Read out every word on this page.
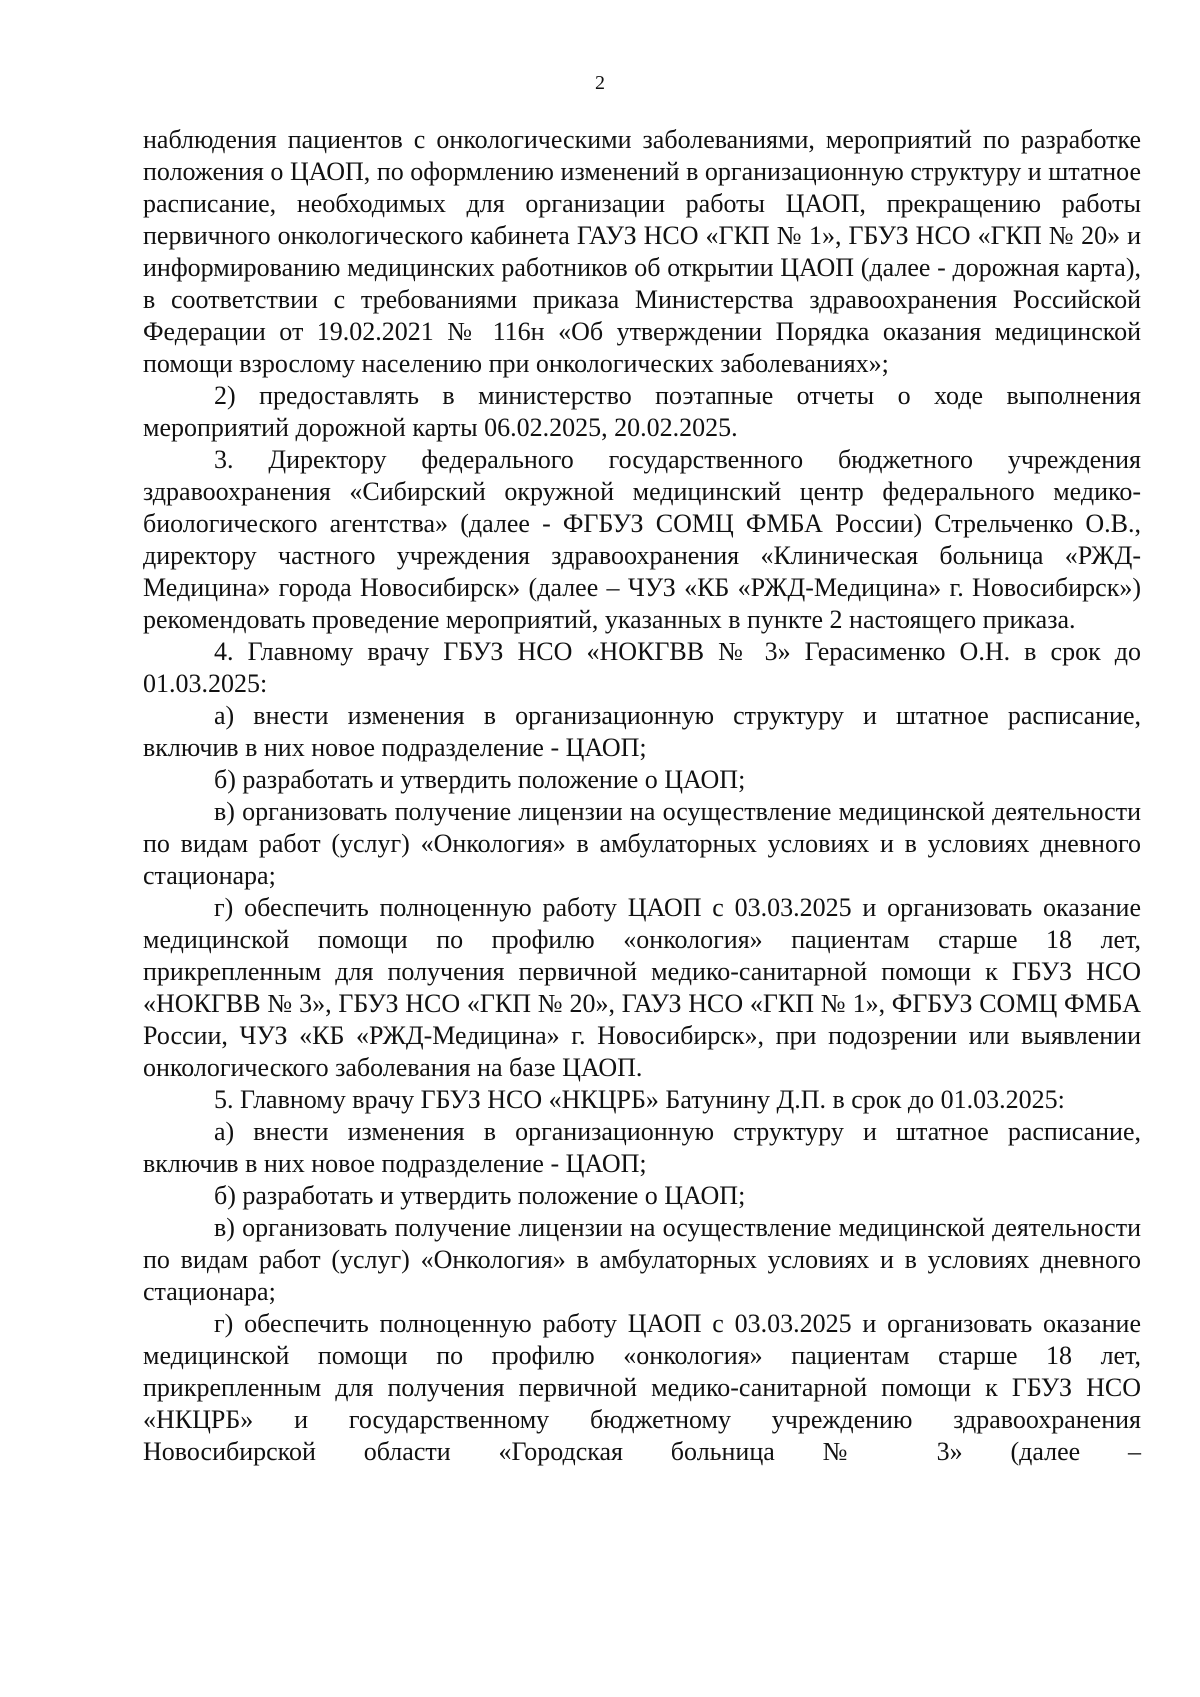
2

наблюдения пациентов с онкологическими заболеваниями, мероприятий по разработке положения о ЦАОП, по оформлению изменений в организационную структуру и штатное расписание, необходимых для организации работы ЦАОП, прекращению работы первичного онкологического кабинета ГАУЗ НСО «ГКП № 1», ГБУЗ НСО «ГКП № 20» и информированию медицинских работников об открытии ЦАОП (далее - дорожная карта), в соответствии с требованиями приказа Министерства здравоохранения Российской Федерации от 19.02.2021 № 116н «Об утверждении Порядка оказания медицинской помощи взрослому населению при онкологических заболеваниях»;

2) предоставлять в министерство поэтапные отчеты о ходе выполнения мероприятий дорожной карты 06.02.2025, 20.02.2025.

3. Директору федерального государственного бюджетного учреждения здравоохранения «Сибирский окружной медицинский центр федерального медико-биологического агентства» (далее - ФГБУЗ СОМЦ ФМБА России) Стрельченко О.В., директору частного учреждения здравоохранения «Клиническая больница «РЖД-Медицина» города Новосибирск» (далее – ЧУЗ «КБ «РЖД-Медицина» г. Новосибирск») рекомендовать проведение мероприятий, указанных в пункте 2 настоящего приказа.

4. Главному врачу ГБУЗ НСО «НОКГВВ № 3» Герасименко О.Н. в срок до 01.03.2025:

а) внести изменения в организационную структуру и штатное расписание, включив в них новое подразделение - ЦАОП;

б) разработать и утвердить положение о ЦАОП;

в) организовать получение лицензии на осуществление медицинской деятельности по видам работ (услуг) «Онкология» в амбулаторных условиях и в условиях дневного стационара;

г) обеспечить полноценную работу ЦАОП с 03.03.2025 и организовать оказание медицинской помощи по профилю «онкология» пациентам старше 18 лет, прикрепленным для получения первичной медико-санитарной помощи к ГБУЗ НСО «НОКГВВ № 3», ГБУЗ НСО «ГКП № 20», ГАУЗ НСО «ГКП № 1», ФГБУЗ СОМЦ ФМБА России, ЧУЗ «КБ «РЖД-Медицина» г. Новосибирск», при подозрении или выявлении онкологического заболевания на базе ЦАОП.

5. Главному врачу ГБУЗ НСО «НКЦРБ» Батунину Д.П. в срок до 01.03.2025:

а) внести изменения в организационную структуру и штатное расписание, включив в них новое подразделение - ЦАОП;

б) разработать и утвердить положение о ЦАОП;

в) организовать получение лицензии на осуществление медицинской деятельности по видам работ (услуг) «Онкология» в амбулаторных условиях и в условиях дневного стационара;

г) обеспечить полноценную работу ЦАОП с 03.03.2025 и организовать оказание медицинской помощи по профилю «онкология» пациентам старше 18 лет, прикрепленным для получения первичной медико-санитарной помощи к ГБУЗ НСО «НКЦРБ» и государственному бюджетному учреждению здравоохранения Новосибирской области «Городская больница № 3» (далее –
